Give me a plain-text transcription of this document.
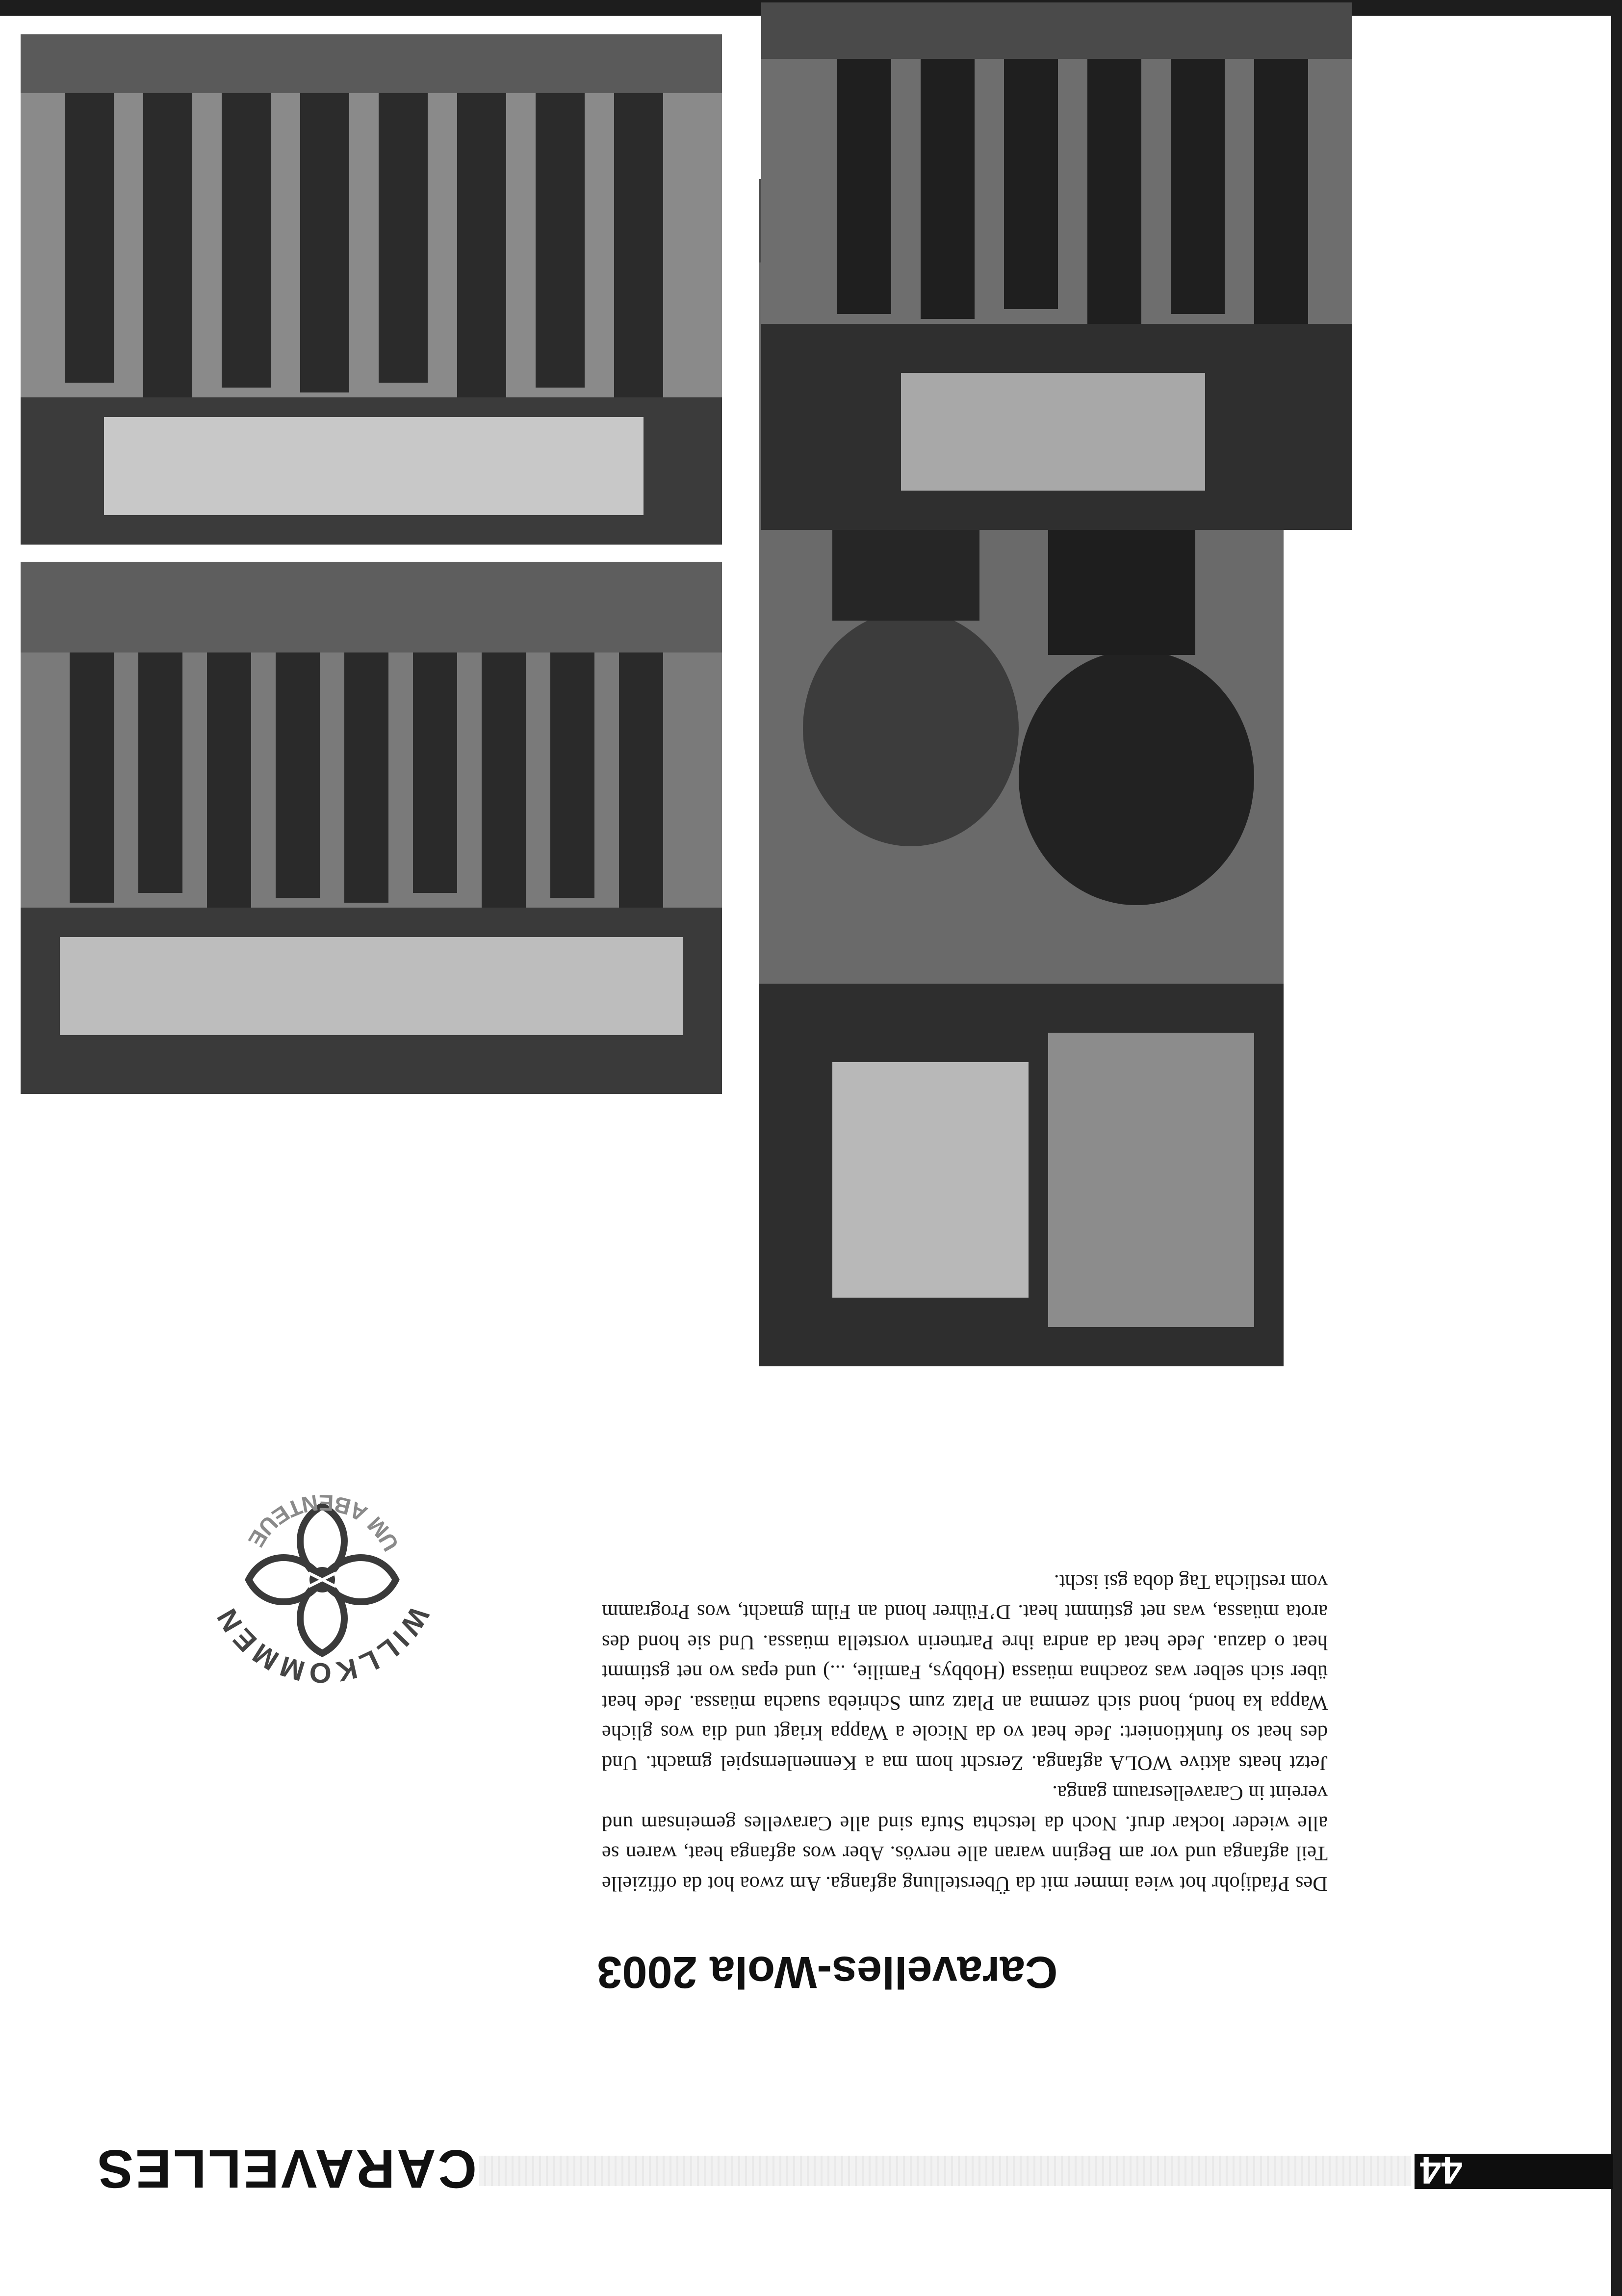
44
CARAVELLES
Caravelles-Wola 2003

Des Pfadijohr hot wiea immer mit da Überstellung agfanga. Am zwoa hot da offizielle Teil agfanga und vor am Beginn waran alle nervös. Aber wos agfanga heat, waren se alle wieder lockar druf. Noch da letschta Stufa sind alle Caravelles gemeinsam und vereint in Caravellesraum ganga.

Jetzt heats aktive WOLA agfanga. Zerscht hom ma a Kennenlernspiel gmacht. Und des heat so funktioniert: Jede heat vo da Nicole a Wappa kriagt und dia wos gliche Wappa ka hond, hond sich zemma an Platz zum Schrieba suacha müassa. Jede heat über sich selber was zoachna müassa (Hobbys, Familie, ...) und epas wo net gstimmt heat o dazua. Jede heat da andra ihre Partnerin vorstella müassa. Und sie hond des arota müassa, was net gstimmt heat. D’Führer hond an Film gmacht, wos Programm vom restlicha Tag doba gsi ischt.

WILLKOMMEN
UM ABENTEUE
